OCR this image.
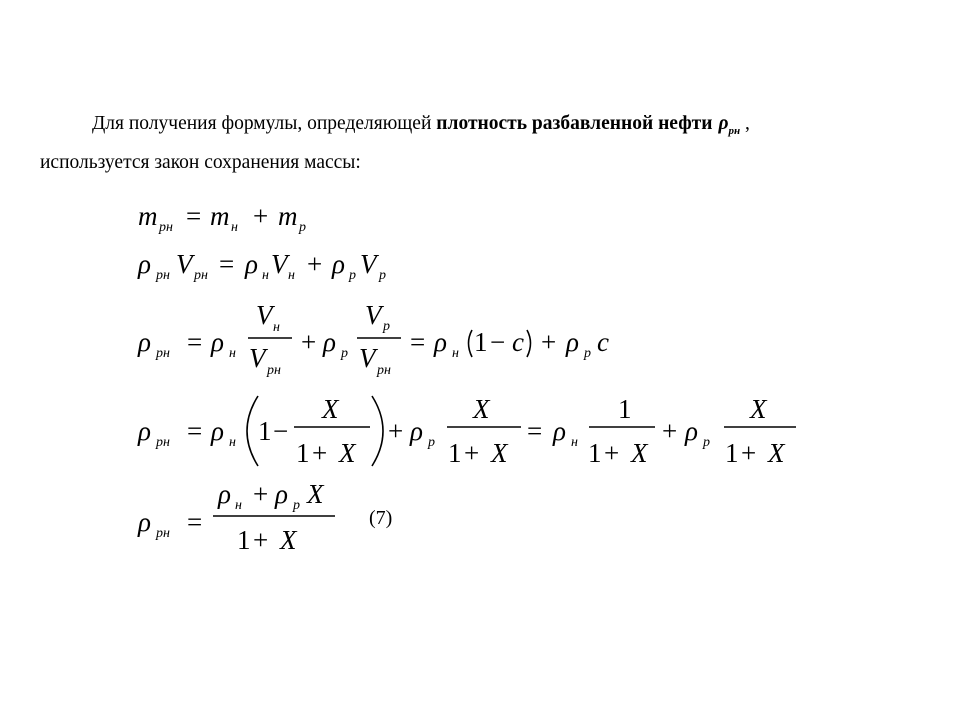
Для получения формулы, определяющей плотность разбавленной нефти $\rho_{рн}$ ,
используется закон сохранения массы:

m рн = m н + m р
ρ рн V рн = ρ н V н + ρ р V р
ρ рн = ρ н
V н
V рн
+ ρ р
V р
V рн
= ρ н 1 − c + ρ р c
ρ рн = ρ н 1 −
X
1 + X
+ ρ р
X
1 + X
= ρ н
1
1 + X
+ ρ р
X
1 + X
ρ рн =
ρ н + ρ р X
1 + X
(7)
